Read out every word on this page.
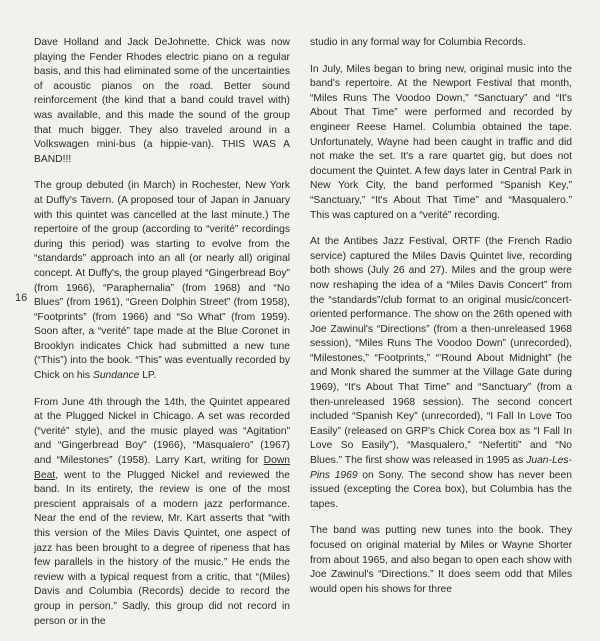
16

Dave Holland and Jack DeJohnette. Chick was now playing the Fender Rhodes electric piano on a regular basis, and this had eliminated some of the uncertainties of acoustic pianos on the road. Better sound reinforcement (the kind that a band could travel with) was available, and this made the sound of the group that much bigger. They also traveled around in a Volkswagen mini-bus (a hippie-van). THIS WAS A BAND!!!

The group debuted (in March) in Rochester, New York at Duffy's Tavern. (A proposed tour of Japan in January with this quintet was cancelled at the last minute.) The repertoire of the group (according to “verité” recordings during this period) was starting to evolve from the “standards” approach into an all (or nearly all) original concept. At Duffy's, the group played “Gingerbread Boy” (from 1966), “Paraphernalia” (from 1968) and “No Blues” (from 1961), “Green Dolphin Street” (from 1958), “Footprints” (from 1966) and “So What” (from 1959). Soon after, a “verité” tape made at the Blue Coronet in Brooklyn indicates Chick had submitted a new tune (“This”) into the book. “This” was eventually recorded by Chick on his Sundance LP.

From June 4th through the 14th, the Quintet appeared at the Plugged Nickel in Chicago. A set was recorded (“verité” style), and the music played was “Agitation” and “Gingerbread Boy” (1966), “Masqualero” (1967) and “Milestones” (1958). Larry Kart, writing for Down Beat, went to the Plugged Nickel and reviewed the band. In its entirety, the review is one of the most prescient appraisals of a modern jazz performance. Near the end of the review, Mr. Kart asserts that “with this version of the Miles Davis Quintet, one aspect of jazz has been brought to a degree of ripeness that has few parallels in the history of the music.” He ends the review with a typical request from a critic, that “(Miles) Davis and Columbia (Records) decide to record the group in person.” Sadly, this group did not record in person or in the

studio in any formal way for Columbia Records.

In July, Miles began to bring new, original music into the band's repertoire. At the Newport Festival that month, “Miles Runs The Voodoo Down,” “Sanctuary” and “It's About That Time” were performed and recorded by engineer Reese Hamel. Columbia obtained the tape. Unfortunately, Wayne had been caught in traffic and did not make the set. It's a rare quartet gig, but does not document the Quintet. A few days later in Central Park in New York City, the band performed “Spanish Key,” “Sanctuary,” “It's About That Time” and “Masqualero.” This was captured on a “verité” recording.

At the Antibes Jazz Festival, ORTF (the French Radio service) captured the Miles Davis Quintet live, recording both shows (July 26 and 27). Miles and the group were now reshaping the idea of a “Miles Davis Concert” from the “standards”/club format to an original music/concert-oriented performance. The show on the 26th opened with Joe Zawinul's “Directions” (from a then-unreleased 1968 session), “Miles Runs The Voodoo Down” (unrecorded), “Milestones,” “Footprints,” “’Round About Midnight” (he and Monk shared the summer at the Village Gate during 1969), “It's About That Time” and “Sanctuary” (from a then-unreleased 1968 session). The second concert included “Spanish Key” (unrecorded), “I Fall In Love Too Easily” (released on GRP's Chick Corea box as “I Fall In Love So Easily”), “Masqualero,” “Nefertiti” and “No Blues.” The first show was released in 1995 as Juan-Les-Pins 1969 on Sony. The second show has never been issued (excepting the Corea box), but Columbia has the tapes.

The band was putting new tunes into the book. They focused on original material by Miles or Wayne Shorter from about 1965, and also began to open each show with Joe Zawinul's “Directions.” It does seem odd that Miles would open his shows for three
